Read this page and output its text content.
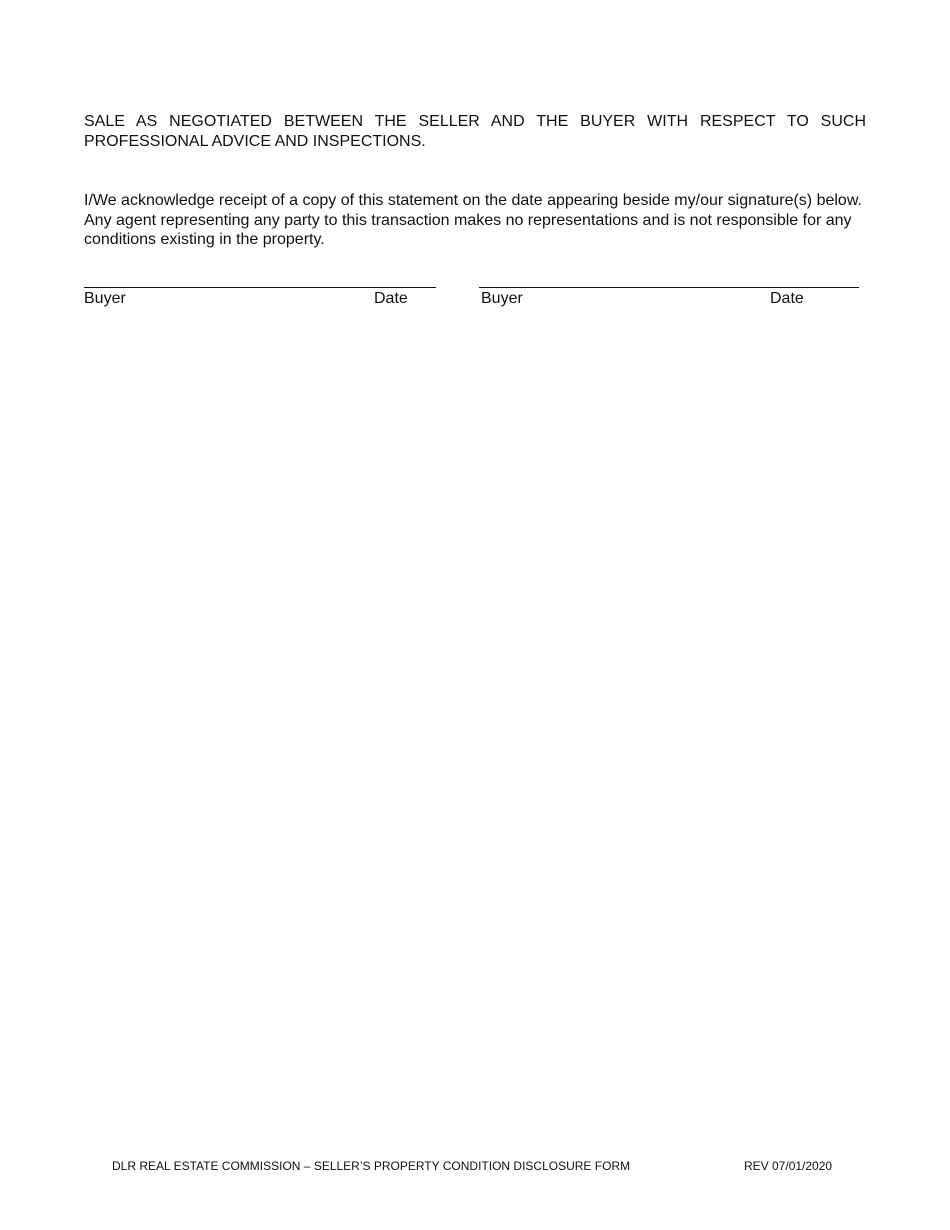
SALE AS NEGOTIATED BETWEEN THE SELLER AND THE BUYER WITH RESPECT TO SUCH PROFESSIONAL ADVICE AND INSPECTIONS.

I/We acknowledge receipt of a copy of this statement on the date appearing beside my/our signature(s) below. Any agent representing any party to this transaction makes no representations and is not responsible for any conditions existing in the property.

Buyer	Date	Buyer	Date

DLR REAL ESTATE COMMISSION – SELLER’S PROPERTY CONDITION DISCLOSURE FORM	REV 07/01/2020
